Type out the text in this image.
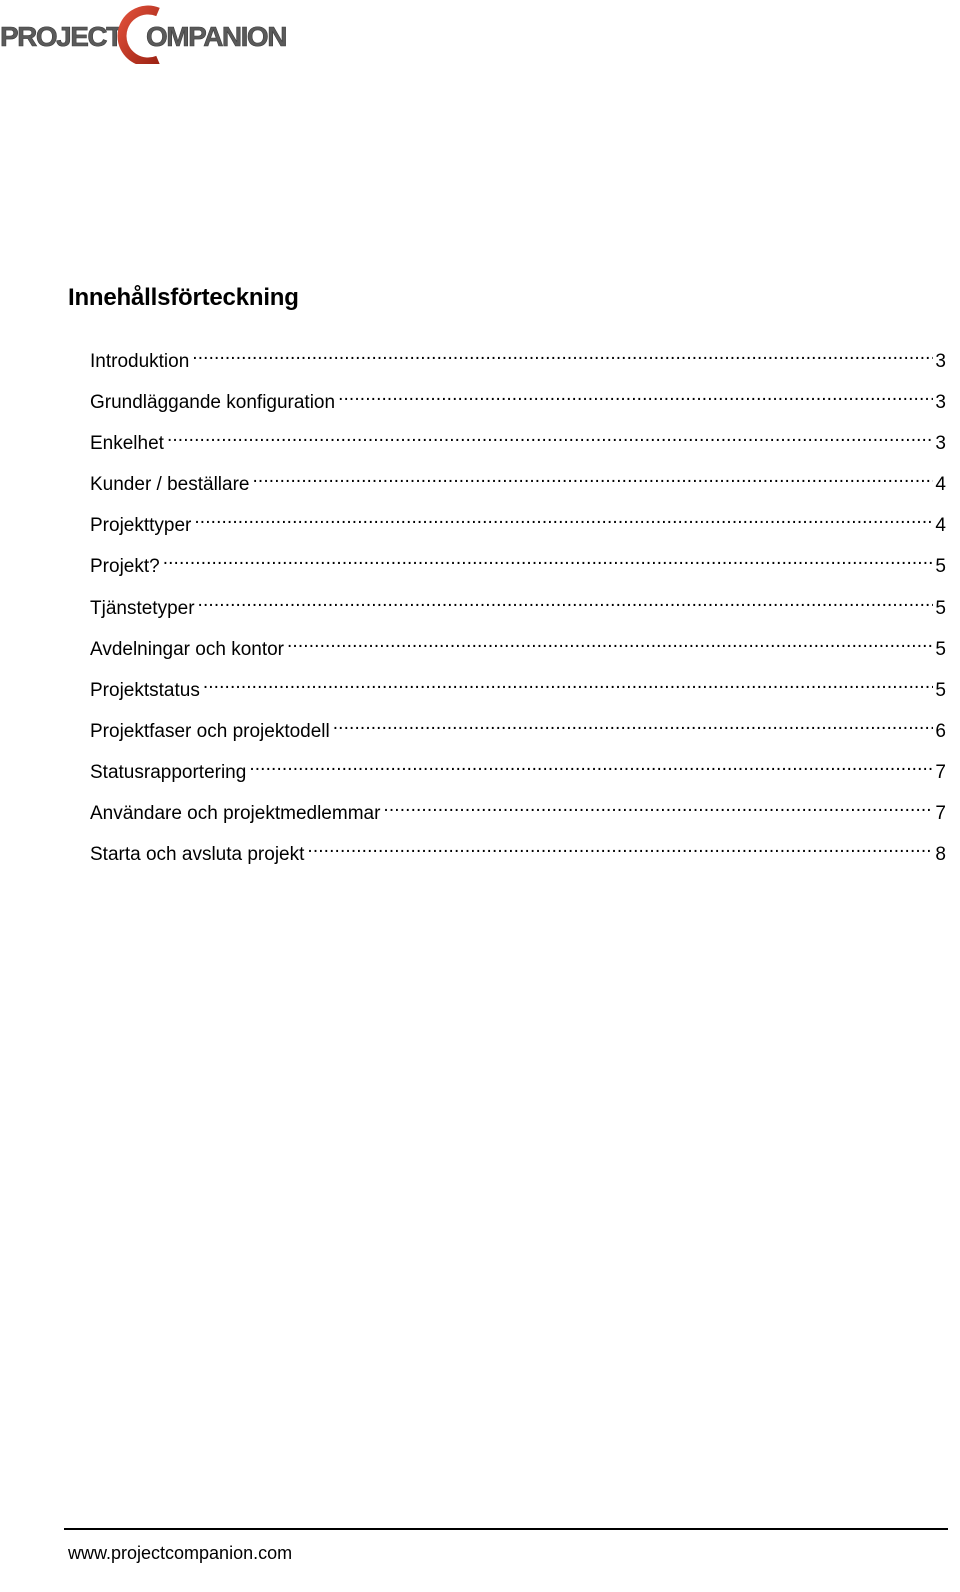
PROJECT OMPANION
Innehållsförteckning
Introduktion .....	3
Grundläggande konfiguration .....	3
Enkelhet .....	3
Kunder / beställare .....	4
Projekttyper .....	4
Projekt? .....	5
Tjänstetyper .....	5
Avdelningar och kontor .....	5
Projektstatus .....	5
Projektfaser och projektodell .....	6
Statusrapportering .....	7
Användare och projektmedlemmar .....	7
Starta och avsluta projekt .....	8
www.projectcompanion.com
